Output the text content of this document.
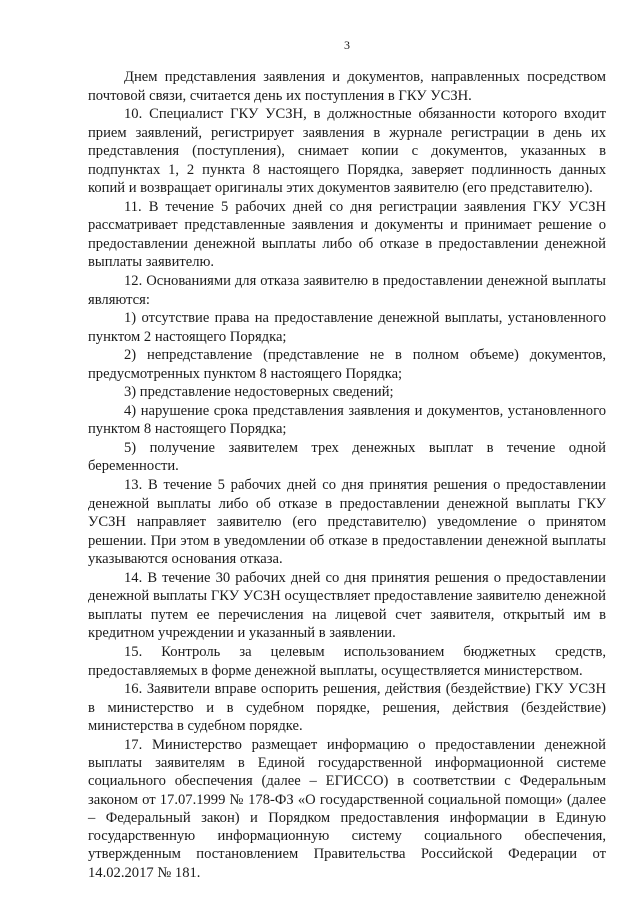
3

Днем представления заявления и документов, направленных посредством почтовой связи, считается день их поступления в ГКУ УСЗН.

10. Специалист ГКУ УСЗН, в должностные обязанности которого входит прием заявлений, регистрирует заявления в журнале регистрации в день их представления (поступления), снимает копии с документов, указанных в подпунктах 1, 2 пункта 8 настоящего Порядка, заверяет подлинность данных копий и возвращает оригиналы этих документов заявителю (его представителю).

11. В течение 5 рабочих дней со дня регистрации заявления ГКУ УСЗН рассматривает представленные заявления и документы и принимает решение о предоставлении денежной выплаты либо об отказе в предоставлении денежной выплаты заявителю.

12. Основаниями для отказа заявителю в предоставлении денежной выплаты являются:

1) отсутствие права на предоставление денежной выплаты, установленного пунктом 2 настоящего Порядка;

2) непредставление (представление не в полном объеме) документов, предусмотренных пунктом 8 настоящего Порядка;

3) представление недостоверных сведений;

4) нарушение срока представления заявления и документов, установленного пунктом 8 настоящего Порядка;

5) получение заявителем трех денежных выплат в течение одной беременности.

13. В течение 5 рабочих дней со дня принятия решения о предоставлении денежной выплаты либо об отказе в предоставлении денежной выплаты ГКУ УСЗН направляет заявителю (его представителю) уведомление о принятом решении. При этом в уведомлении об отказе в предоставлении денежной выплаты указываются основания отказа.

14. В течение 30 рабочих дней со дня принятия решения о предоставлении денежной выплаты ГКУ УСЗН осуществляет предоставление заявителю денежной выплаты путем ее перечисления на лицевой счет заявителя, открытый им в кредитном учреждении и указанный в заявлении.

15. Контроль за целевым использованием бюджетных средств, предоставляемых в форме денежной выплаты, осуществляется министерством.

16. Заявители вправе оспорить решения, действия (бездействие) ГКУ УСЗН в министерство и в судебном порядке, решения, действия (бездействие) министерства в судебном порядке.

17. Министерство размещает информацию о предоставлении денежной выплаты заявителям в Единой государственной информационной системе социального обеспечения (далее – ЕГИССО) в соответствии с Федеральным законом от 17.07.1999 № 178-ФЗ «О государственной социальной помощи» (далее – Федеральный закон) и Порядком предоставления информации в Единую государственную информационную систему социального обеспечения, утвержденным постановлением Правительства Российской Федерации от 14.02.2017 № 181.
